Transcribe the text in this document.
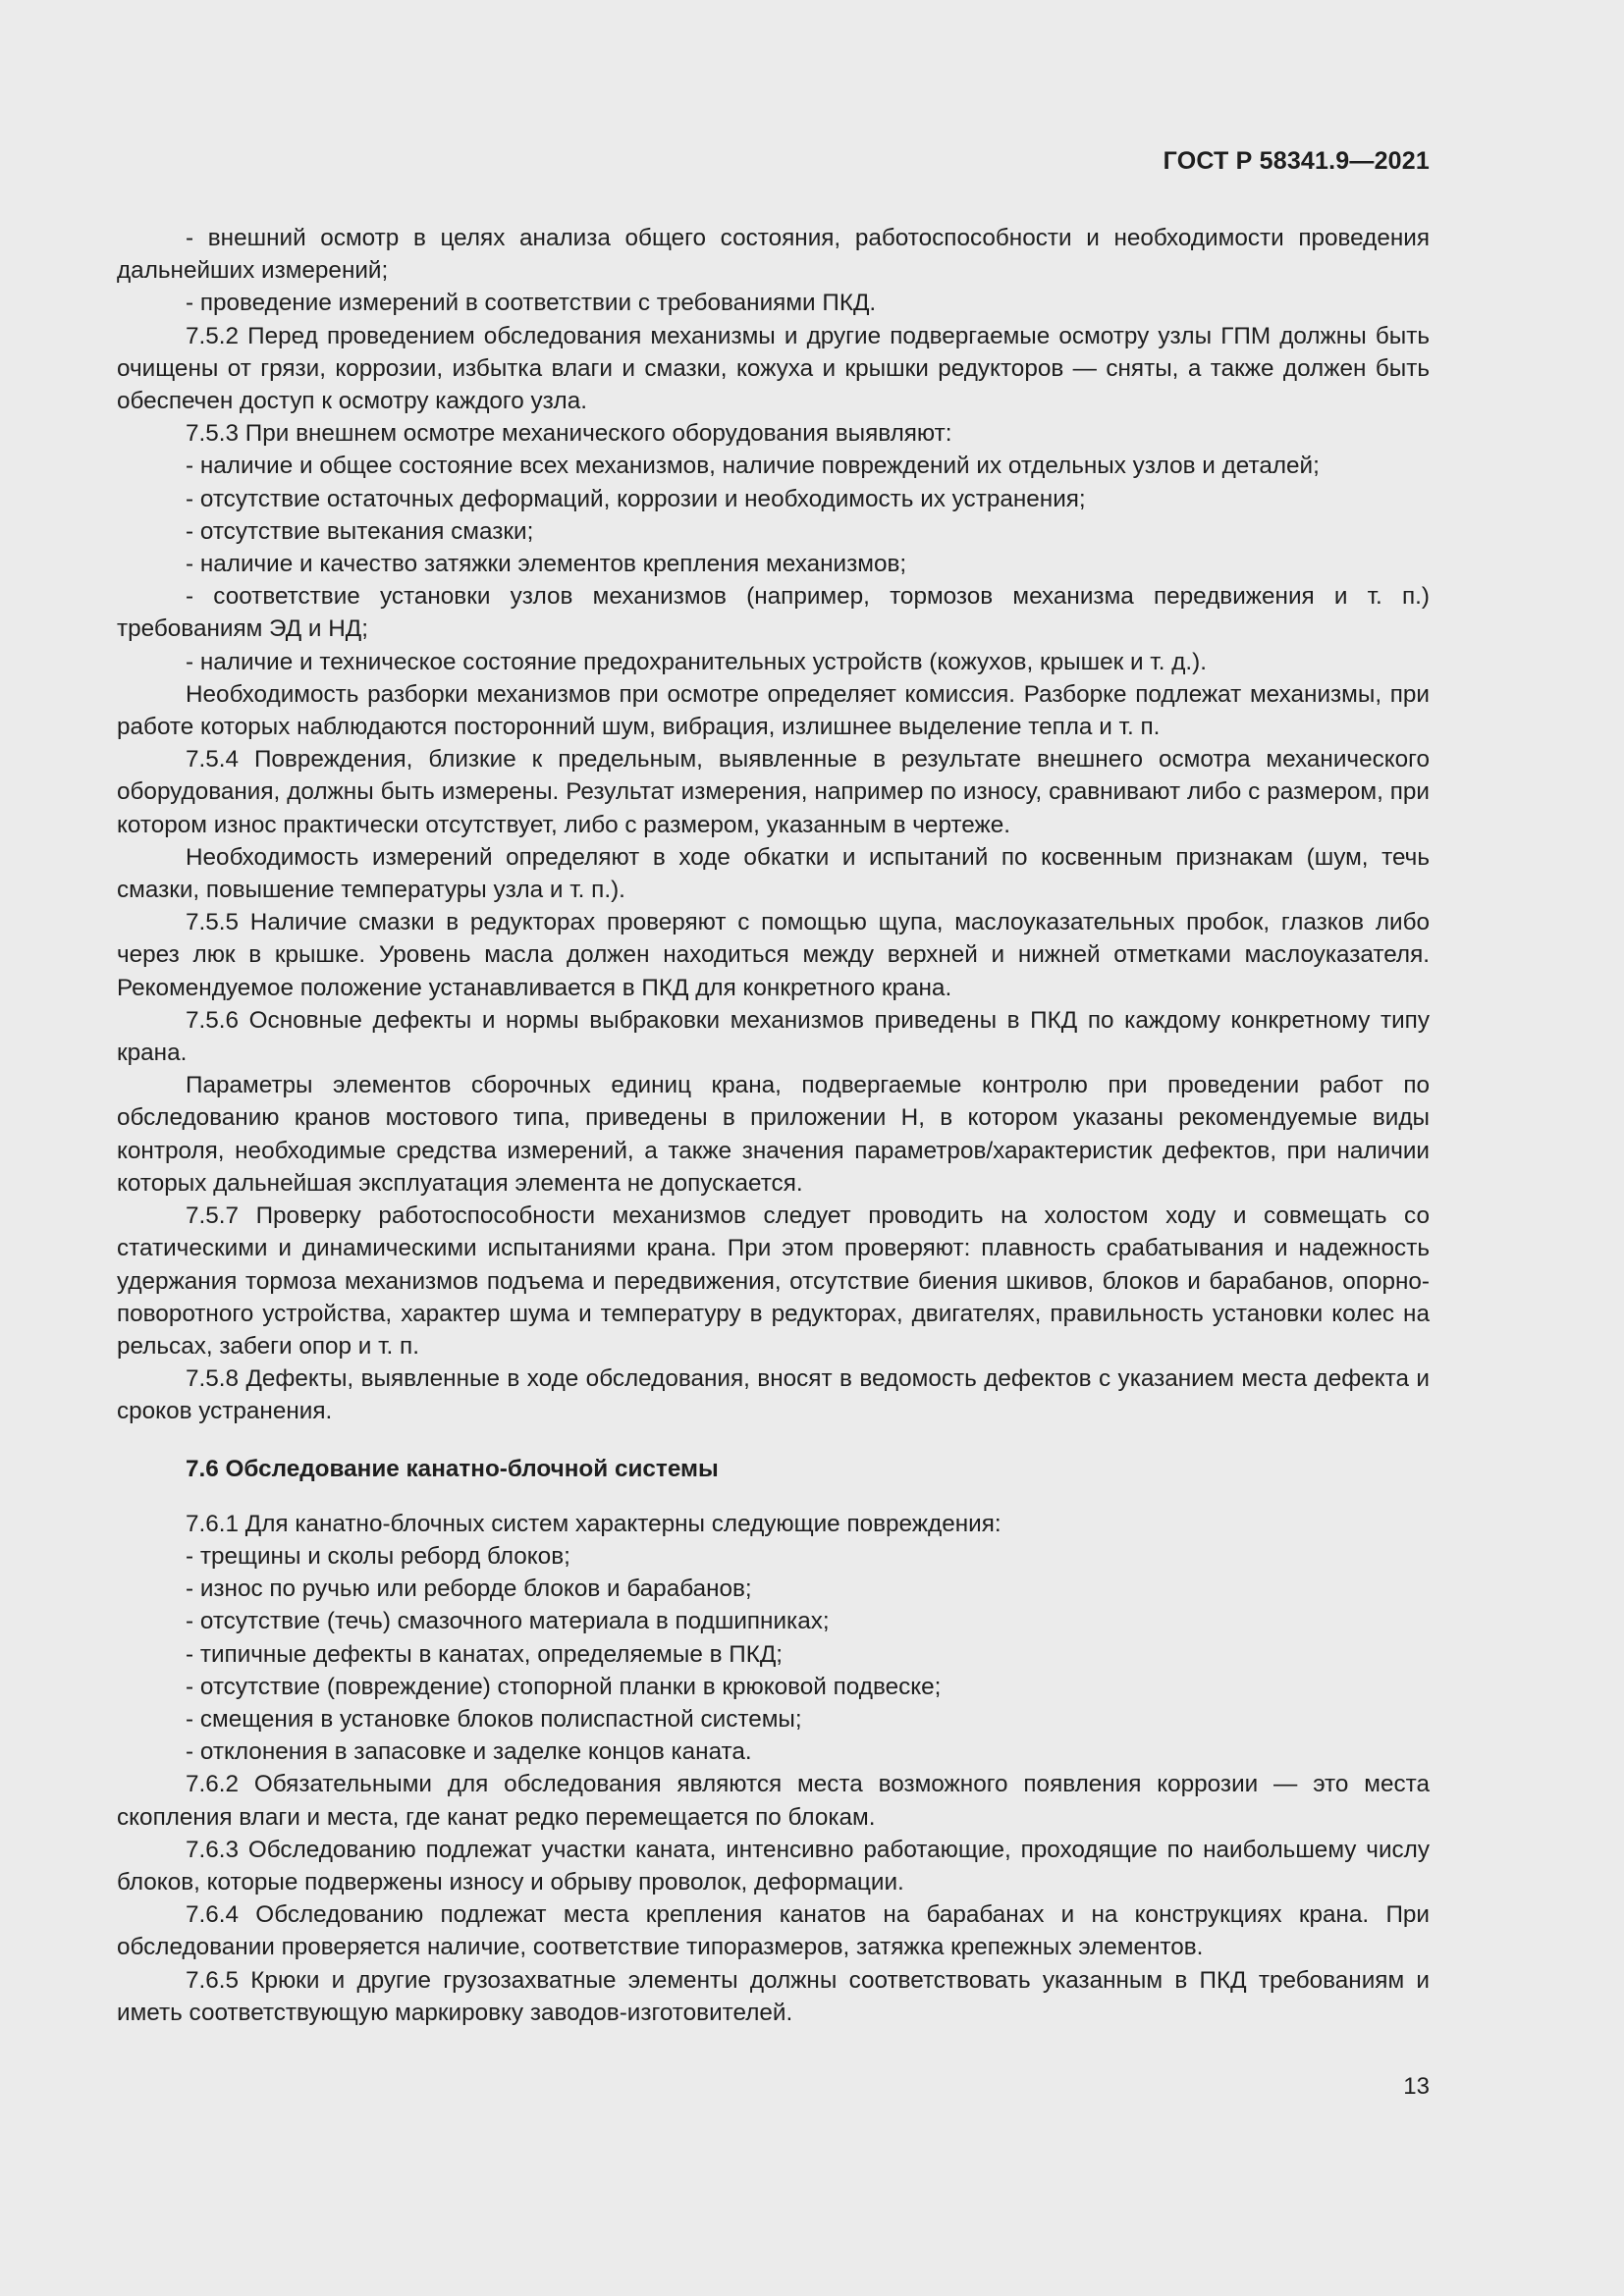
ГОСТ Р 58341.9—2021

- внешний осмотр в целях анализа общего состояния, работоспособности и необходимости проведения дальнейших измерений;

- проведение измерений в соответствии с требованиями ПКД.

7.5.2 Перед проведением обследования механизмы и другие подвергаемые осмотру узлы ГПМ должны быть очищены от грязи, коррозии, избытка влаги и смазки, кожуха и крышки редукторов — сняты, а также должен быть обеспечен доступ к осмотру каждого узла.

7.5.3 При внешнем осмотре механического оборудования выявляют:

- наличие и общее состояние всех механизмов, наличие повреждений их отдельных узлов и деталей;

- отсутствие остаточных деформаций, коррозии и необходимость их устранения;

- отсутствие вытекания смазки;

- наличие и качество затяжки элементов крепления механизмов;

- соответствие установки узлов механизмов (например, тормозов механизма передвижения и т. п.) требованиям ЭД и НД;

- наличие и техническое состояние предохранительных устройств (кожухов, крышек и т. д.).

Необходимость разборки механизмов при осмотре определяет комиссия. Разборке подлежат механизмы, при работе которых наблюдаются посторонний шум, вибрация, излишнее выделение тепла и т. п.

7.5.4 Повреждения, близкие к предельным, выявленные в результате внешнего осмотра механического оборудования, должны быть измерены. Результат измерения, например по износу, сравнивают либо с размером, при котором износ практически отсутствует, либо с размером, указанным в чертеже.

Необходимость измерений определяют в ходе обкатки и испытаний по косвенным признакам (шум, течь смазки, повышение температуры узла и т. п.).

7.5.5 Наличие смазки в редукторах проверяют с помощью щупа, маслоуказательных пробок, глазков либо через люк в крышке. Уровень масла должен находиться между верхней и нижней отметками маслоуказателя. Рекомендуемое положение устанавливается в ПКД для конкретного крана.

7.5.6 Основные дефекты и нормы выбраковки механизмов приведены в ПКД по каждому конкретному типу крана.

Параметры элементов сборочных единиц крана, подвергаемые контролю при проведении работ по обследованию кранов мостового типа, приведены в приложении Н, в котором указаны рекомендуемые виды контроля, необходимые средства измерений, а также значения параметров/характеристик дефектов, при наличии которых дальнейшая эксплуатация элемента не допускается.

7.5.7 Проверку работоспособности механизмов следует проводить на холостом ходу и совмещать со статическими и динамическими испытаниями крана. При этом проверяют: плавность срабатывания и надежность удержания тормоза механизмов подъема и передвижения, отсутствие биения шкивов, блоков и барабанов, опорно-поворотного устройства, характер шума и температуру в редукторах, двигателях, правильность установки колес на рельсах, забеги опор и т. п.

7.5.8 Дефекты, выявленные в ходе обследования, вносят в ведомость дефектов с указанием места дефекта и сроков устранения.

7.6 Обследование канатно-блочной системы

7.6.1 Для канатно-блочных систем характерны следующие повреждения:

- трещины и сколы реборд блоков;

- износ по ручью или реборде блоков и барабанов;

- отсутствие (течь) смазочного материала в подшипниках;

- типичные дефекты в канатах, определяемые в ПКД;

- отсутствие (повреждение) стопорной планки в крюковой подвеске;

- смещения в установке блоков полиспастной системы;

- отклонения в запасовке и заделке концов каната.

7.6.2 Обязательными для обследования являются места возможного появления коррозии — это места скопления влаги и места, где канат редко перемещается по блокам.

7.6.3 Обследованию подлежат участки каната, интенсивно работающие, проходящие по наибольшему числу блоков, которые подвержены износу и обрыву проволок, деформации.

7.6.4 Обследованию подлежат места крепления канатов на барабанах и на конструкциях крана. При обследовании проверяется наличие, соответствие типоразмеров, затяжка крепежных элементов.

7.6.5 Крюки и другие грузозахватные элементы должны соответствовать указанным в ПКД требованиям и иметь соответствующую маркировку заводов-изготовителей.

13
